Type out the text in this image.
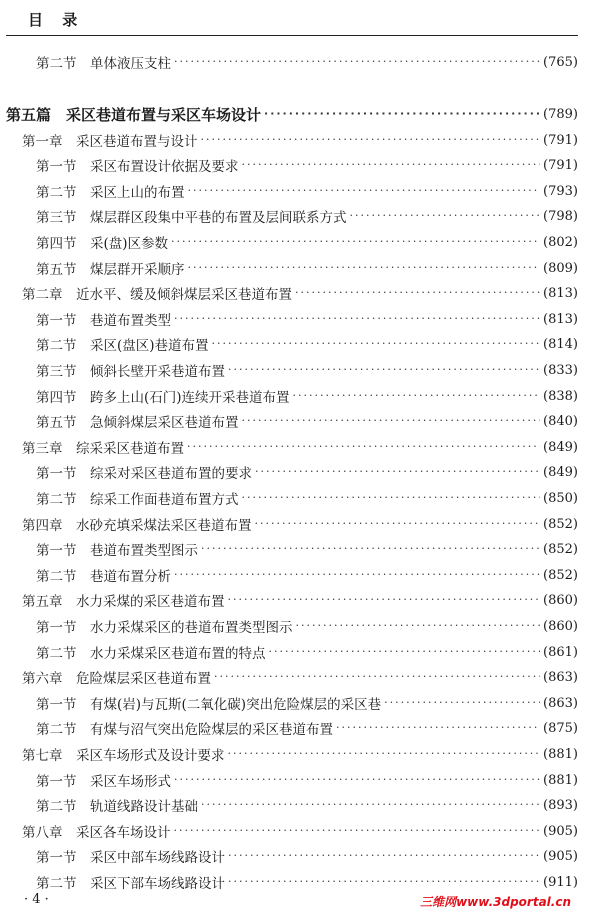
目 录
第二节　单体液压支柱 ·····	(765)
第五篇　采区巷道布置与采区车场设计 ·····	(789)
第一章　采区巷道布置与设计 ·····	(791)
第一节　采区布置设计依据及要求 ·····	(791)
第二节　采区上山的布置 ·····	(793)
第三节　煤层群区段集中平巷的布置及层间联系方式 ·····	(798)
第四节　采(盘)区参数 ·····	(802)
第五节　煤层群开采顺序 ·····	(809)
第二章　近水平、缓及倾斜煤层采区巷道布置 ·····	(813)
第一节　巷道布置类型 ·····	(813)
第二节　采区(盘区)巷道布置 ·····	(814)
第三节　倾斜长壁开采巷道布置 ·····	(833)
第四节　跨多上山(石门)连续开采巷道布置 ·····	(838)
第五节　急倾斜煤层采区巷道布置 ·····	(840)
第三章　综采采区巷道布置 ·····	(849)
第一节　综采对采区巷道布置的要求 ·····	(849)
第二节　综采工作面巷道布置方式 ·····	(850)
第四章　水砂充填采煤法采区巷道布置 ·····	(852)
第一节　巷道布置类型图示 ·····	(852)
第二节　巷道布置分析 ·····	(852)
第五章　水力采煤的采区巷道布置 ·····	(860)
第一节　水力采煤采区的巷道布置类型图示 ·····	(860)
第二节　水力采煤采区巷道布置的特点 ·····	(861)
第六章　危险煤层采区巷道布置 ·····	(863)
第一节　有煤(岩)与瓦斯(二氧化碳)突出危险煤层的采区巷 ·····	(863)
第二节　有煤与沼气突出危险煤层的采区巷道布置 ·····	(875)
第七章　采区车场形式及设计要求 ·····	(881)
第一节　采区车场形式 ·····	(881)
第二节　轨道线路设计基础 ·····	(893)
第八章　采区各车场设计 ·····	(905)
第一节　采区中部车场线路设计 ·····	(905)
第二节　采区下部车场线路设计 ·····	(911)
· 4 ·	三维网www.3dportal.cn
